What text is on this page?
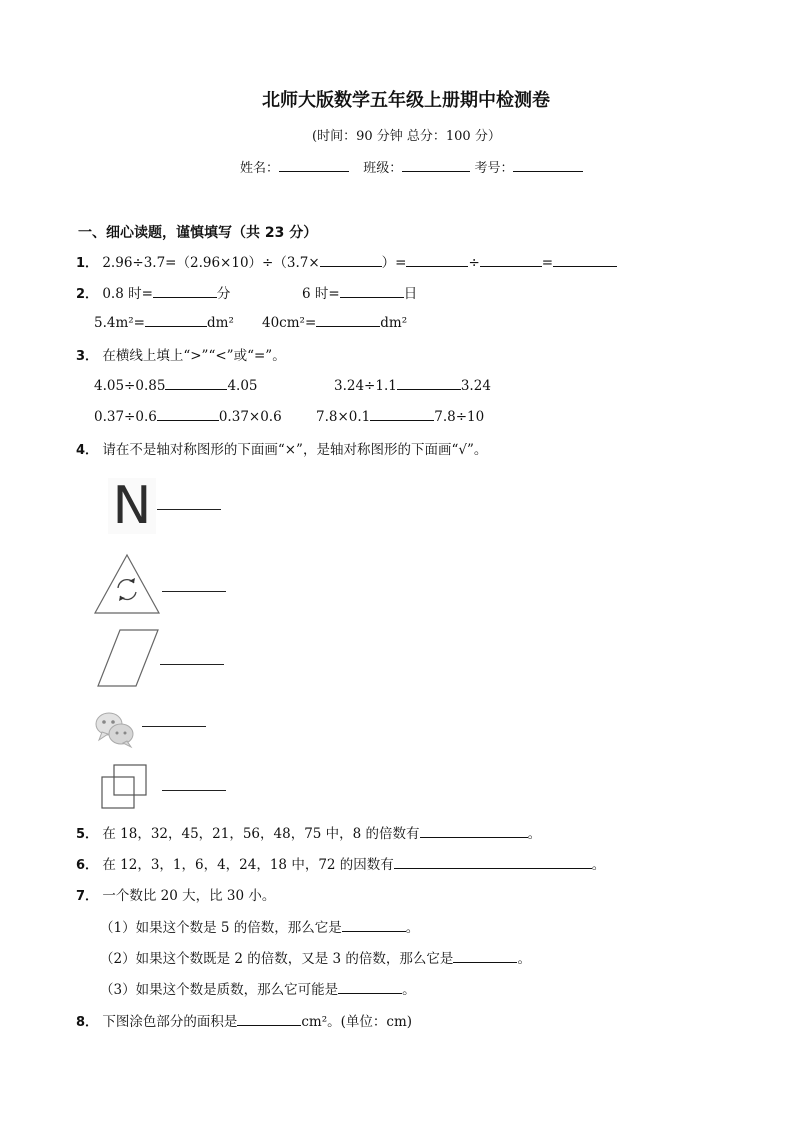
北师大版数学五年级上册期中检测卷
(时间：90 分钟 总分：100 分）
姓名：	班级：	考号：
一、细心读题，谨慎填写（共 23 分）
1． 2.96÷3.7=（2.96×10）÷（3.7×	）=	÷	=
2． 0.8 时=	分	6 时=	日
5.4m²=	dm² 40cm²=	dm²
3． 在横线上填上“>”“<”或“=”。
4.05÷0.85	4.05	3.24÷1.1	3.24
0.37÷0.6	0.37×0.6	7.8×0.1	7.8÷10
4． 请在不是轴对称图形的下面画“×”，是轴对称图形的下面画“√”。
N
5． 在 18，32，45，21，56，48，75 中，8 的倍数有	。
6． 在 12，3，1，6，4，24，18 中，72 的因数有	。
7． 一个数比 20 大，比 30 小。
（1）如果这个数是 5 的倍数，那么它是	。
（2）如果这个数既是 2 的倍数，又是 3 的倍数，那么它是	。
（3）如果这个数是质数，那么它可能是	。
8． 下图涂色部分的面积是	cm²。(单位：cm)
